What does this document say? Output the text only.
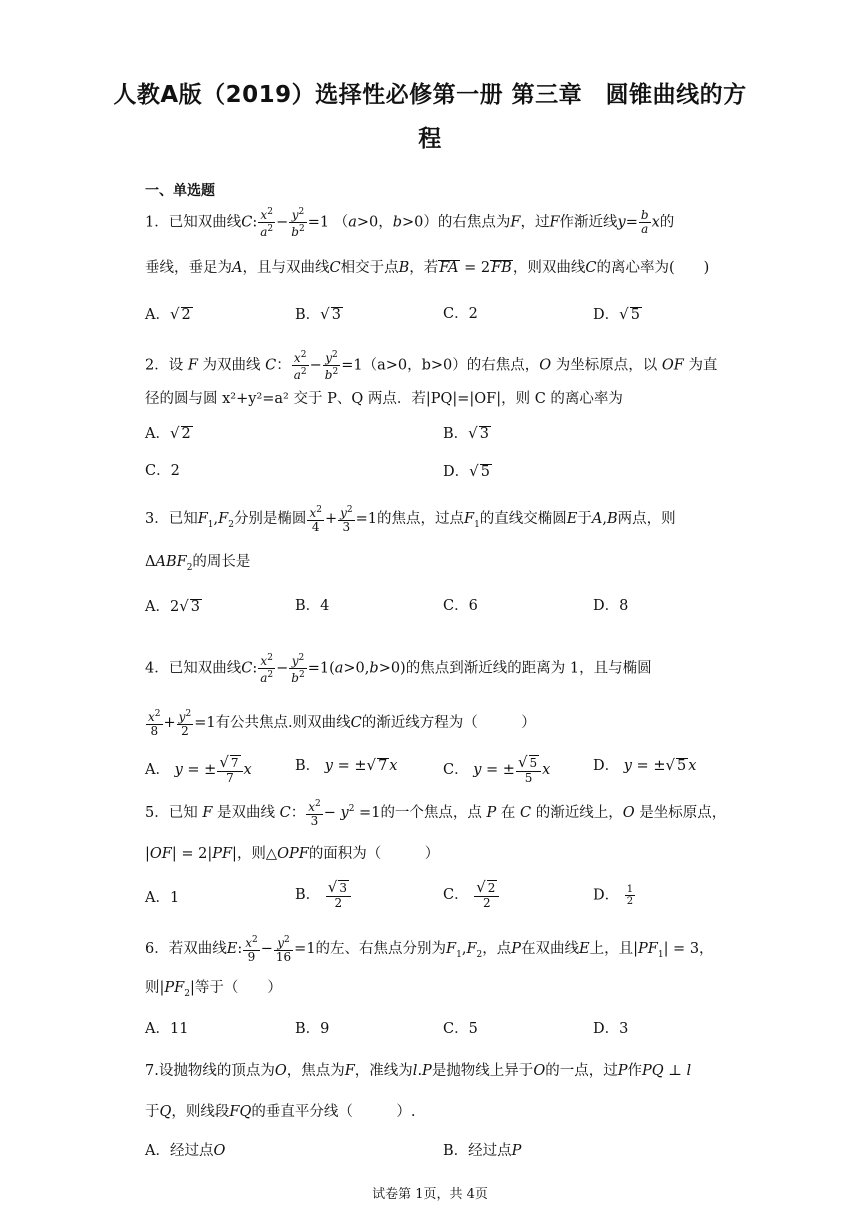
人教A版（2019）选择性必修第一册 第三章　圆锥曲线的方
程
一、单选题
1．已知双曲线C: $\frac{x^2}{a^2} - \frac{y^2}{b^2} =1$ （a>0，b>0）的右焦点为F，过F作渐近线$y= \frac{b}{a}$ x的
垂线，垂足为A，且与双曲线C相交于点B，若FA = 2FB，则双曲线C的离心率为(　　)
A．√ 2	B．√ 3	C．2	D．√ 5
2．设 F 为双曲线 C： $\frac{x^2}{a^2} - \frac{y^2}{b^2} =1(a>0$，b>0）的右焦点，O 为坐标原点，以 OF 为直
径的圆与圆 x²+y²=a² 交于 P、Q 两点．若|PQ|=|OF|，则 C 的离心率为
A．√ 2	B．√ 3
C．2	D．√ 5
3．已知$F_1,F_2$分别是椭圆 $\frac{x^2}{4} + \frac{y^2}{3} =1$的焦点，过点$F_1$的直线交椭圆E于A,B两点，则
$\Delta ABF_2$的周长是
A．2√ 3	B．4	C．6	D．8
4．已知双曲线C: $\frac{x^2}{a^2} - \frac{y^2}{b^2} =1(a>0,b>0)$的焦点到渐近线的距离为 1，且与椭圆
$\frac{x^2}{8} + \frac{y^2}{2} =1$有公共焦点.则双曲线C的渐近线方程为（　　　）
A． y = ± $\frac{√ 7}{7}$ x	B． y = ±√ 7 x	C． y = ± $\frac{√ 5}{5}$ x	D． y = ±√ 5 x
5．已知 F 是双曲线 C： $\frac{x^2}{3} - y^2 =1$的一个焦点，点 P 在 C 的渐近线上，O 是坐标原点，
|OF| = 2|PF|，则△OPF的面积为（　　　）
A．1	B． $\frac{√ 3}{2}$	C． $\frac{√ 2}{2}$	D． $\frac{1}{2}$
6．若双曲线E: $\frac{x^2}{9} - \frac{y^2}{16} =1$的左、右焦点分别为$F_1,F_2$，点P在双曲线E上，且$|PF_1| = 3$，
则$|PF_2|$等于（　　）
A．11	B．9	C．5	D．3
7.设抛物线的顶点为O，焦点为F，准线为l.P是抛物线上异于O的一点，过P作PQ ⊥ l
于Q，则线段FQ的垂直平分线（　　　）.
A．经过点O	B．经过点P
试卷第 1页，共 4页
